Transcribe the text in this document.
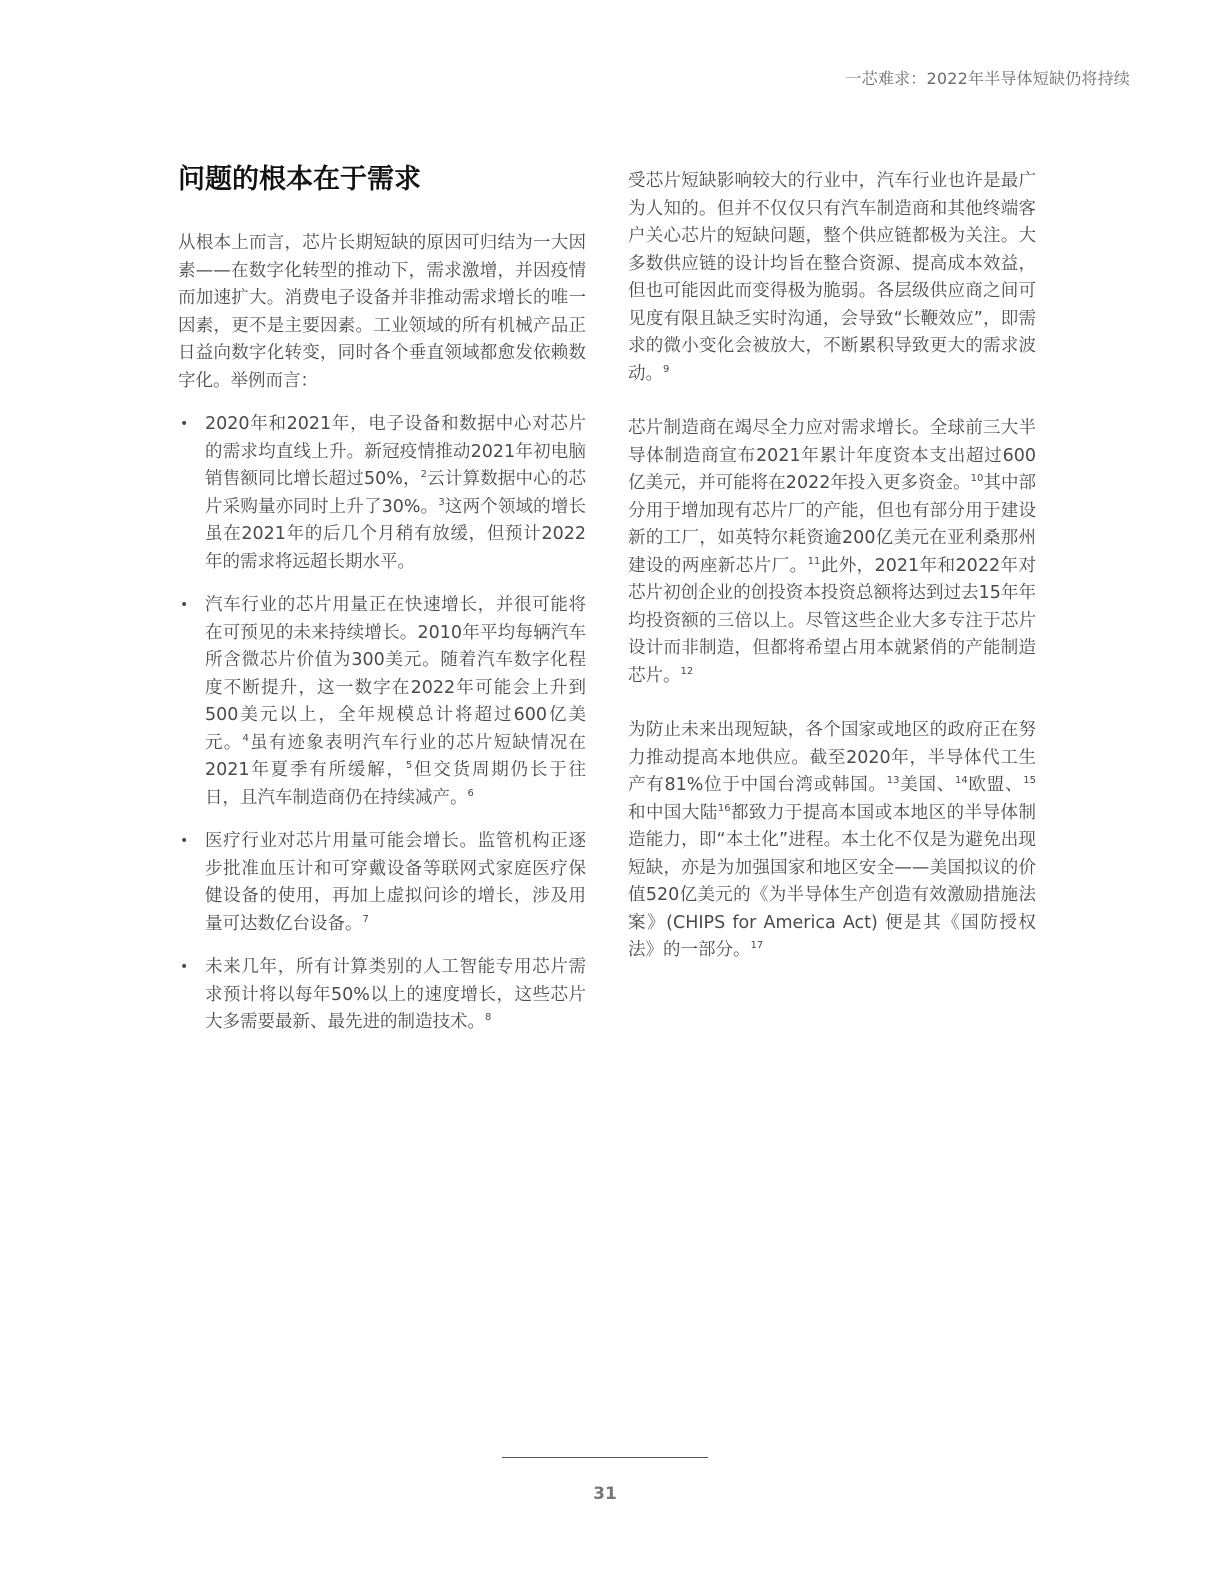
一芯难求：2022年半导体短缺仍将持续
问题的根本在于需求

从根本上而言，芯片长期短缺的原因可归结为一大因素——在数字化转型的推动下，需求激增，并因疫情而加速扩大。消费电子设备并非推动需求增长的唯一因素，更不是主要因素。工业领域的所有机械产品正日益向数字化转变，同时各个垂直领域都愈发依赖数字化。举例而言：

• 2020年和2021年，电子设备和数据中心对芯片的需求均直线上升。新冠疫情推动2021年初电脑销售额同比增长超过50%，$^2$云计算数据中心的芯片采购量亦同时上升了30%。$^3$这两个领域的增长虽在2021年的后几个月稍有放缓，但预计2022年的需求将远超长期水平。
• 汽车行业的芯片用量正在快速增长，并很可能将在可预见的未来持续增长。2010年平均每辆汽车所含微芯片价值为300美元。随着汽车数字化程度不断提升，这一数字在2022年可能会上升到500美元以上，全年规模总计将超过600亿美元。$^4$虽有迹象表明汽车行业的芯片短缺情况在2021年夏季有所缓解，$^5$但交货周期仍长于往日，且汽车制造商仍在持续减产。$^6$
• 医疗行业对芯片用量可能会增长。监管机构正逐步批准血压计和可穿戴设备等联网式家庭医疗保健设备的使用，再加上虚拟问诊的增长，涉及用量可达数亿台设备。$^7$
• 未来几年，所有计算类别的人工智能专用芯片需求预计将以每年50%以上的速度增长，这些芯片大多需要最新、最先进的制造技术。$^8$

受芯片短缺影响较大的行业中，汽车行业也许是最广为人知的。但并不仅仅只有汽车制造商和其他终端客户关心芯片的短缺问题，整个供应链都极为关注。大多数供应链的设计均旨在整合资源、提高成本效益，但也可能因此而变得极为脆弱。各层级供应商之间可见度有限且缺乏实时沟通，会导致“长鞭效应”，即需求的微小变化会被放大，不断累积导致更大的需求波动。$^9$

芯片制造商在竭尽全力应对需求增长。全球前三大半导体制造商宣布2021年累计年度资本支出超过600亿美元，并可能将在2022年投入更多资金。$^{10}$其中部分用于增加现有芯片厂的产能，但也有部分用于建设新的工厂，如英特尔耗资逾200亿美元在亚利桑那州建设的两座新芯片厂。$^{11}$此外，2021年和2022年对芯片初创企业的创投资本投资总额将达到过去15年年均投资额的三倍以上。尽管这些企业大多专注于芯片设计而非制造，但都将希望占用本就紧俏的产能制造芯片。$^{12}$

为防止未来出现短缺，各个国家或地区的政府正在努力推动提高本地供应。截至2020年，半导体代工生产有81%位于中国台湾或韩国。$^{13}$美国、$^{14}$欧盟、$^{15}$和中国大陆$^{16}$都致力于提高本国或本地区的半导体制造能力，即“本土化”进程。本土化不仅是为避免出现短缺，亦是为加强国家和地区安全——美国拟议的价值520亿美元的《为半导体生产创造有效激励措施法案》(CHIPS for America Act) 便是其《国防授权法》的一部分。$^{17}$

31
